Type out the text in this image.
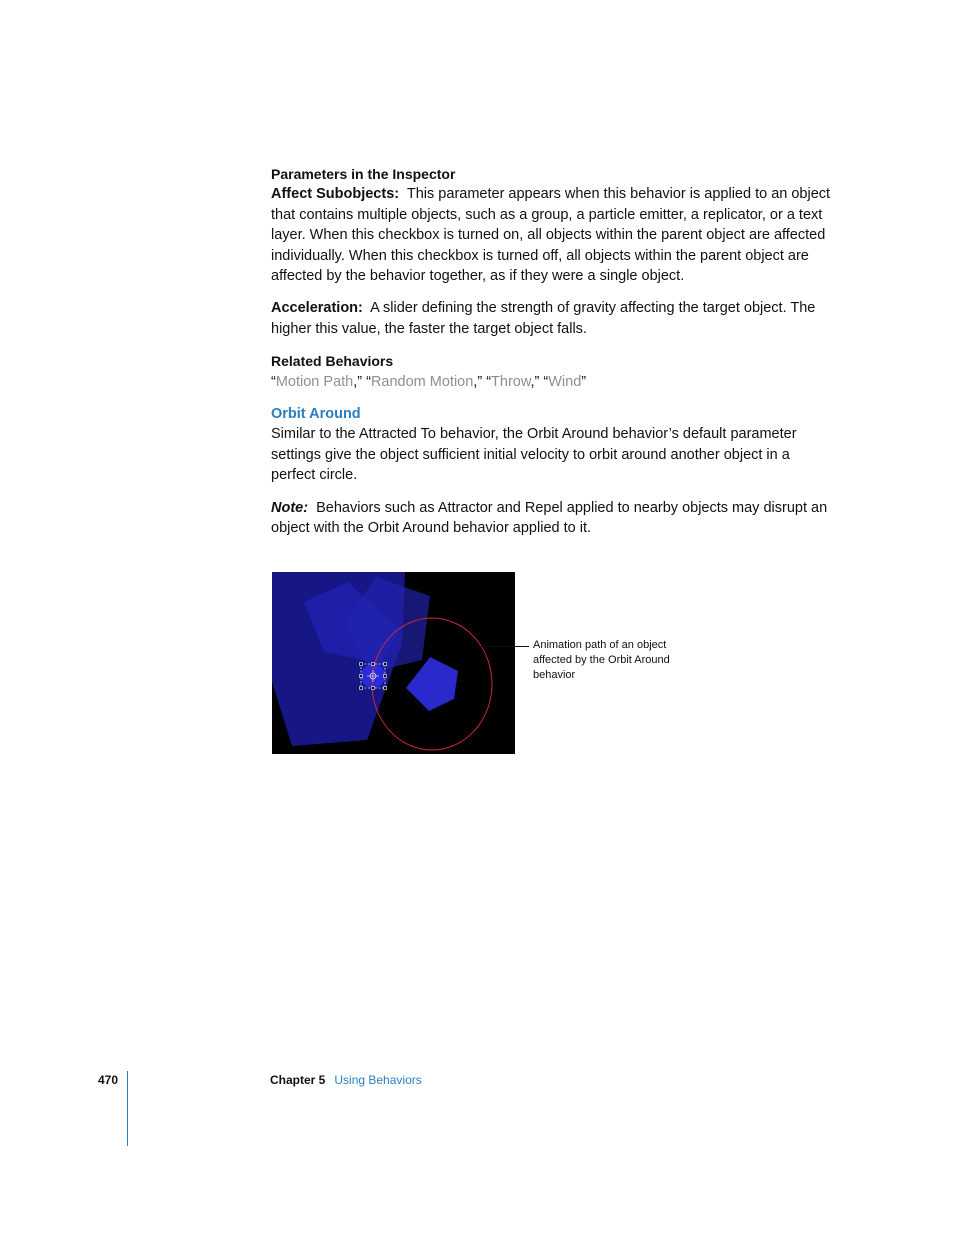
Parameters in the Inspector

Affect Subobjects: This parameter appears when this behavior is applied to an object that contains multiple objects, such as a group, a particle emitter, a replicator, or a text layer. When this checkbox is turned on, all objects within the parent object are affected individually. When this checkbox is turned off, all objects within the parent object are affected by the behavior together, as if they were a single object.

Acceleration: A slider defining the strength of gravity affecting the target object. The higher this value, the faster the target object falls.

Related Behaviors

“Motion Path,” “Random Motion,” “Throw,” “Wind”

Orbit Around

Similar to the Attracted To behavior, the Orbit Around behavior’s default parameter settings give the object sufficient initial velocity to orbit around another object in a perfect circle.

Note: Behaviors such as Attractor and Repel applied to nearby objects may disrupt an object with the Orbit Around behavior applied to it.

Animation path of an object affected by the Orbit Around behavior
470	Chapter 5 Using Behaviors
